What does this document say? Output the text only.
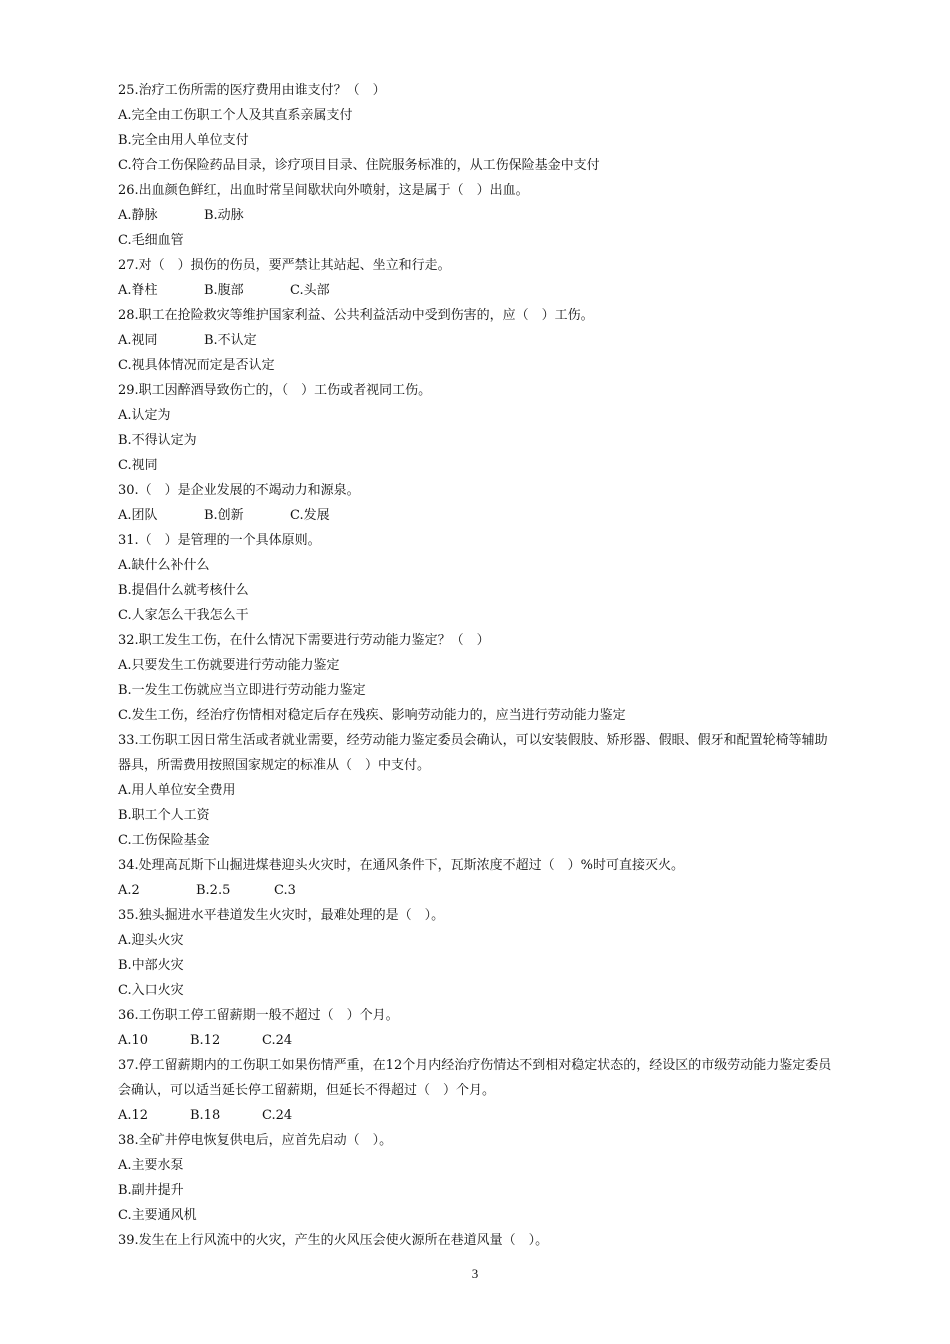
25.治疗工伤所需的医疗费用由谁支付？（　）
A.完全由工伤职工个人及其直系亲属支付
B.完全由用人单位支付
C.符合工伤保险药品目录，诊疗项目目录、住院服务标准的，从工伤保险基金中支付
26.出血颜色鲜红，出血时常呈间歇状向外喷射，这是属于（　）出血。
A.静脉	B.动脉
C.毛细血管
27.对（　）损伤的伤员，要严禁让其站起、坐立和行走。
A.脊柱	B.腹部	C.头部
28.职工在抢险救灾等维护国家利益、公共利益活动中受到伤害的，应（　）工伤。
A.视同	B.不认定
C.视具体情况而定是否认定
29.职工因醉酒导致伤亡的，（　）工伤或者视同工伤。
A.认定为
B.不得认定为
C.视同
30.（　）是企业发展的不竭动力和源泉。
A.团队	B.创新	C.发展
31.（　）是管理的一个具体原则。
A.缺什么补什么
B.提倡什么就考核什么
C.人家怎么干我怎么干
32.职工发生工伤，在什么情况下需要进行劳动能力鉴定？（　）
A.只要发生工伤就要进行劳动能力鉴定
B.一发生工伤就应当立即进行劳动能力鉴定
C.发生工伤，经治疗伤情相对稳定后存在残疾、影响劳动能力的，应当进行劳动能力鉴定
33.工伤职工因日常生活或者就业需要，经劳动能力鉴定委员会确认，可以安装假肢、矫形器、假眼、假牙和配置轮椅等辅助器具，所需费用按照国家规定的标准从（　）中支付。
A.用人单位安全费用
B.职工个人工资
C.工伤保险基金
34.处理高瓦斯下山掘进煤巷迎头火灾时，在通风条件下，瓦斯浓度不超过（　）%时可直接灭火。
A.2	B.2.5	C.3
35.独头掘进水平巷道发生火灾时，最难处理的是（　）。
A.迎头火灾
B.中部火灾
C.入口火灾
36.工伤职工停工留薪期一般不超过（　）个月。
A.10	B.12	C.24
37.停工留薪期内的工伤职工如果伤情严重，在12个月内经治疗伤情达不到相对稳定状态的，经设区的市级劳动能力鉴定委员会确认，可以适当延长停工留薪期，但延长不得超过（　）个月。
A.12	B.18	C.24
38.全矿井停电恢复供电后，应首先启动（　）。
A.主要水泵
B.副井提升
C.主要通风机
39.发生在上行风流中的火灾，产生的火风压会使火源所在巷道风量（　）。
3
